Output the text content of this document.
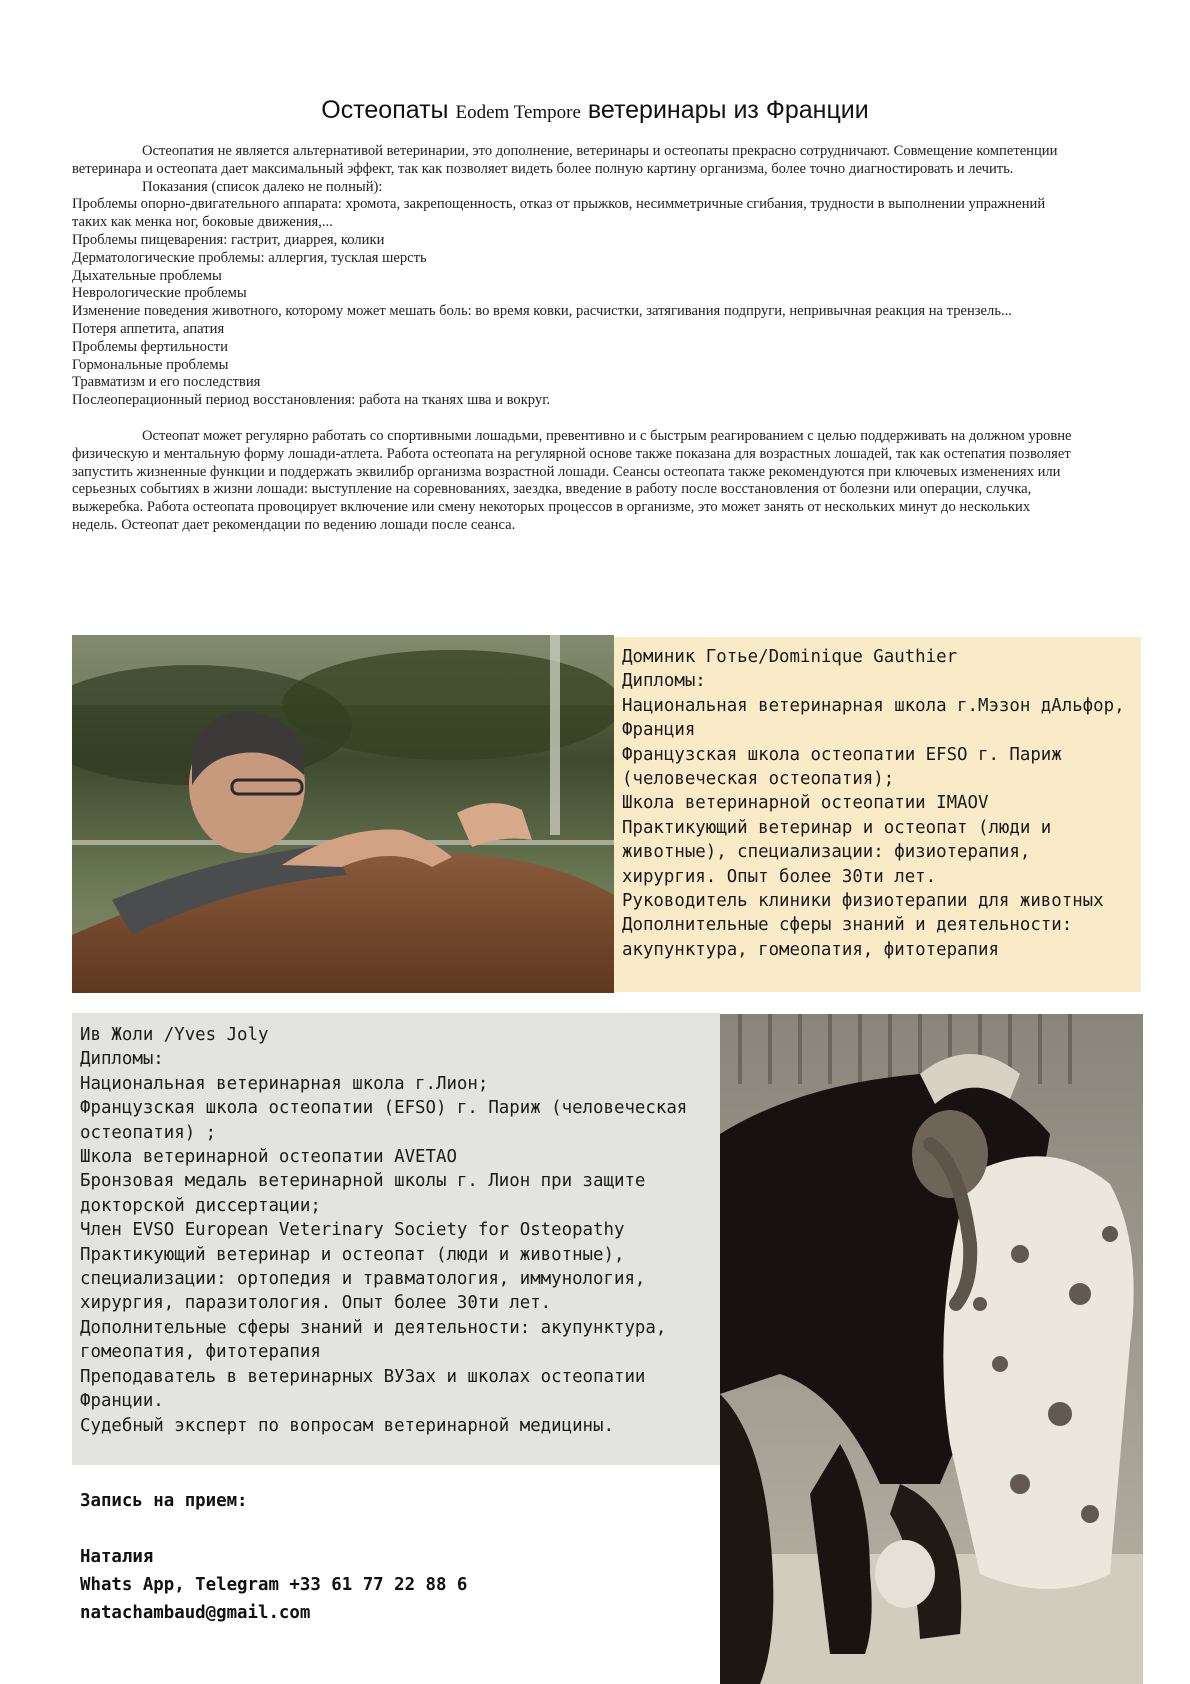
Остеопаты Eodem Tempore ветеринары из Франции

Остеопатия не является альтернативой ветеринарии, это дополнение, ветеринары и остеопаты прекрасно сотрудничают. Совмещение компетенции ветеринара и остеопата дает максимальный эффект, так как позволяет видеть более полную картину организма, более точно диагностировать и лечить.

Показания (список далеко не полный):

Проблемы опорно-двигательного аппарата: хромота, закрепощенность, отказ от прыжков, несимметричные сгибания, трудности в выполнении упражнений таких как менка ног, боковые движения,...

Проблемы пищеварения: гастрит, диаррея, колики

Дерматологические проблемы: аллергия, тусклая шерсть

Дыхательные проблемы

Неврологические проблемы

Изменение поведения животного, которому может мешать боль: во время ковки, расчистки, затягивания подпруги, непривычная реакция на трензель...

Потеря аппетита, апатия

Проблемы фертильности

Гормональные проблемы

Травматизм и его последствия

Послеоперационный период восстановления: работа на тканях шва и вокруг.

Остеопат может регулярно работать со спортивными лошадьми, превентивно и с быстрым реагированием с целью поддерживать на должном уровне физическую и ментальную форму лошади-атлета. Работа остеопата на регулярной основе также показана для возрастных лошадей, так как остепатия позволяет запустить жизненные функции и поддержать эквилибр организма возрастной лошади. Сеансы остеопата также рекомендуются при ключевых изменениях или серьезных событиях в жизни лошади: выступление на соревнованиях, заездка, введение в работу после восстановления от болезни или операции, случка, выжеребка. Работа остеопата провоцирует включение или смену некоторых процессов в организме, это может занять от нескольких минут до нескольких недель. Остеопат дает рекомендации по ведению лошади после сеанса.

Доминик Готье/Dominique Gauthier

Дипломы:

Национальная ветеринарная школа г.Мэзон дАльфор, Франция

Французская школа остеопатии EFSO г. Париж (человеческая остеопатия);

Школа ветеринарной остеопатии IMAOV

Практикующий ветеринар и остеопат (люди и животные), специализации: физиотерапия, хирургия. Опыт более 30ти лет.

Руководитель клиники физиотерапии для животных

Дополнительные сферы знаний и деятельности: акупунктура, гомеопатия, фитотерапия

Ив Жоли /Yves Joly

Дипломы:

Национальная ветеринарная школа г.Лион;

Французская школа остеопатии (EFSO) г. Париж (человеческая остеопатия) ;

Школа ветеринарной остеопатии AVETAO

Бронзовая медаль ветеринарной школы г. Лион при защите докторской диссертации;

Член EVSO European Veterinary Society for Osteopathy

Практикующий ветеринар и остеопат (люди и животные), специализации: ортопедия и травматология, иммунология, хирургия, паразитология. Опыт более 30ти лет.

Дополнительные сферы знаний и деятельности: акупунктура, гомеопатия, фитотерапия

Преподаватель в ветеринарных ВУЗах и школах остеопатии Франции.

Судебный эксперт по вопросам ветеринарной медицины.

Запись на прием:

Наталия

Whats App, Telegram +33 61 77 22 88 6

natachambaud@gmail.com
